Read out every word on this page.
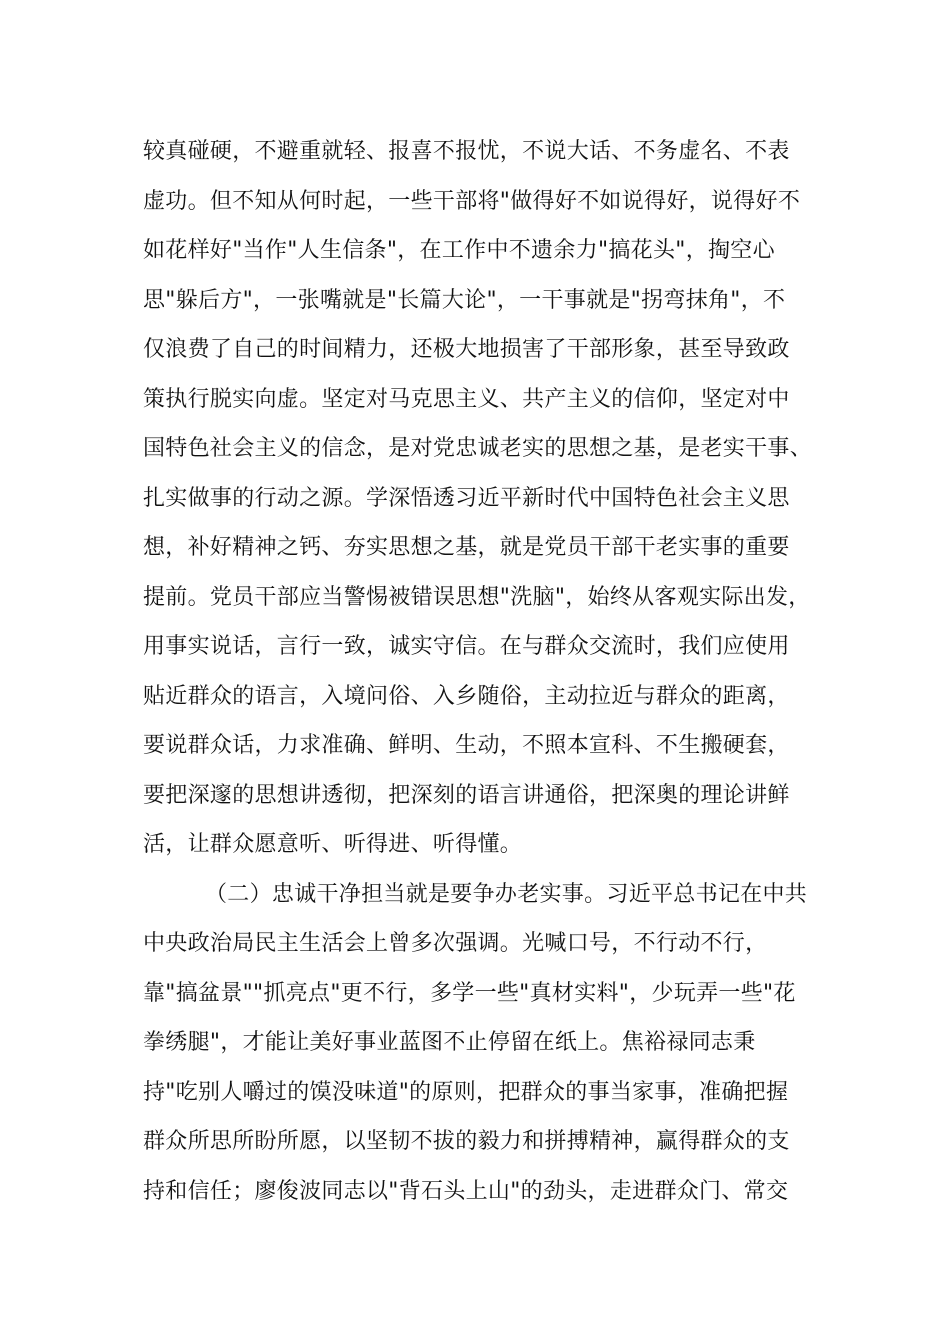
较真碰硬，不避重就轻、报喜不报忧，不说大话、不务虚名、不表
虚功。但不知从何时起，一些干部将"做得好不如说得好，说得好不
如花样好"当作"人生信条"，在工作中不遗余力"搞花头"，掏空心
思"躲后方"，一张嘴就是"长篇大论"，一干事就是"拐弯抹角"，不
仅浪费了自己的时间精力，还极大地损害了干部形象，甚至导致政
策执行脱实向虚。坚定对马克思主义、共产主义的信仰，坚定对中
国特色社会主义的信念，是对党忠诚老实的思想之基，是老实干事、
扎实做事的行动之源。学深悟透习近平新时代中国特色社会主义思
想，补好精神之钙、夯实思想之基，就是党员干部干老实事的重要
提前。党员干部应当警惕被错误思想"洗脑"，始终从客观实际出发，
用事实说话，言行一致，诚实守信。在与群众交流时，我们应使用
贴近群众的语言，入境问俗、入乡随俗，主动拉近与群众的距离，
要说群众话，力求准确、鲜明、生动，不照本宣科、不生搬硬套，
要把深邃的思想讲透彻，把深刻的语言讲通俗，把深奥的理论讲鲜
活，让群众愿意听、听得进、听得懂。
（二）忠诚干净担当就是要争办老实事。习近平总书记在中共
中央政治局民主生活会上曾多次强调。光喊口号，不行动不行，
靠"搞盆景""抓亮点"更不行，多学一些"真材实料"，少玩弄一些"花
拳绣腿"，才能让美好事业蓝图不止停留在纸上。焦裕禄同志秉
持"吃别人嚼过的馍没味道"的原则，把群众的事当家事，准确把握
群众所思所盼所愿，以坚韧不拔的毅力和拼搏精神，赢得群众的支
持和信任；廖俊波同志以"背石头上山"的劲头，走进群众门、常交
